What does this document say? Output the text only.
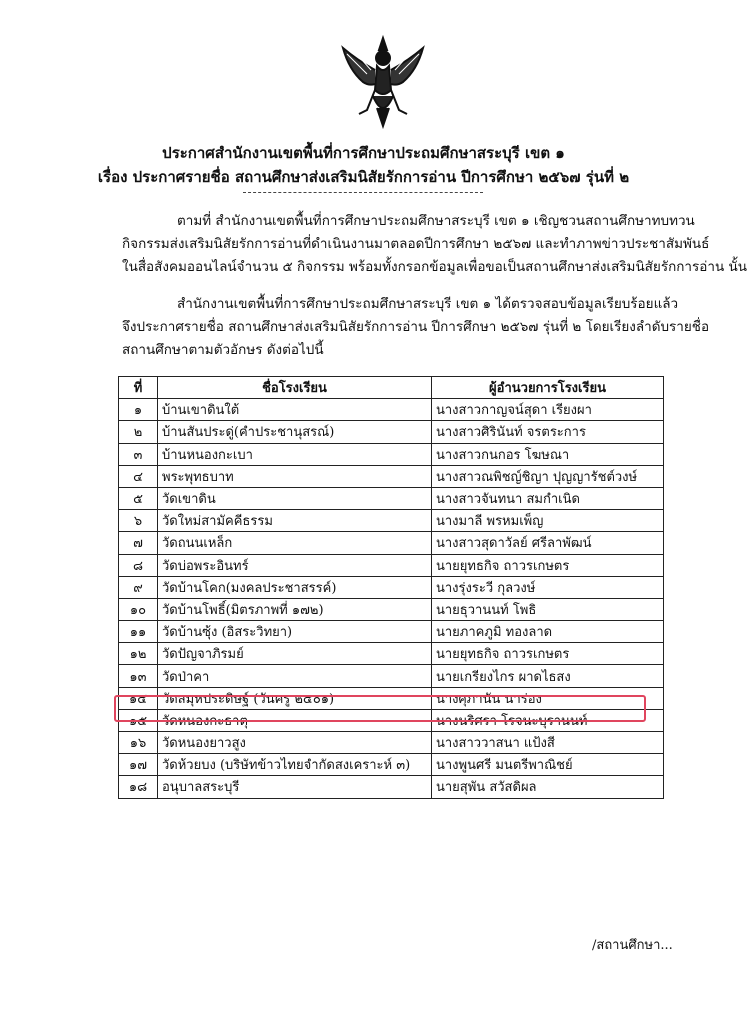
ประกาศสำนักงานเขตพื้นที่การศึกษาประถมศึกษาสระบุรี เขต ๑
เรื่อง ประกาศรายชื่อ สถานศึกษาส่งเสริมนิสัยรักการอ่าน ปีการศึกษา ๒๕๖๗ รุ่นที่ ๒
ตามที่ สำนักงานเขตพื้นที่การศึกษาประถมศึกษาสระบุรี เขต ๑ เชิญชวนสถานศึกษาทบทวน
กิจกรรมส่งเสริมนิสัยรักการอ่านที่ดำเนินงานมาตลอดปีการศึกษา ๒๕๖๗ และทำภาพข่าวประชาสัมพันธ์
ในสื่อสังคมออนไลน์จำนวน ๕ กิจกรรม พร้อมทั้งกรอกข้อมูลเพื่อขอเป็นสถานศึกษาส่งเสริมนิสัยรักการอ่าน นั้น
สำนักงานเขตพื้นที่การศึกษาประถมศึกษาสระบุรี เขต ๑ ได้ตรวจสอบข้อมูลเรียบร้อยแล้ว
จึงประกาศรายชื่อ สถานศึกษาส่งเสริมนิสัยรักการอ่าน ปีการศึกษา ๒๕๖๗ รุ่นที่ ๒ โดยเรียงลำดับรายชื่อ
สถานศึกษาตามตัวอักษร ดังต่อไปนี้
ที่	ชื่อโรงเรียน	ผู้อำนวยการโรงเรียน
๑	บ้านเขาดินใต้	นางสาวกาญจน์สุดา เรียงผา
๒	บ้านสันประดู่(คำประชานุสรณ์)	นางสาวศิรินันท์ จรตระการ
๓	บ้านหนองกะเบา	นางสาวกนกอร โฆษณา
๔	พระพุทธบาท	นางสาวณพิชญ์ชิญา ปุญญารัชต์วงษ์
๕	วัดเขาดิน	นางสาวจันทนา สมกำเนิด
๖	วัดใหม่สามัคคีธรรม	นางมาลี พรหมเพ็ญ
๗	วัดถนนเหล็ก	นางสาวสุดาวัลย์ ศรีลาพัฒน์
๘	วัดบ่อพระอินทร์	นายยุทธกิจ ถาวรเกษตร
๙	วัดบ้านโคก(มงคลประชาสรรค์)	นางรุ่งระวี กุลวงษ์
๑๐	วัดบ้านโพธิ์(มิตรภาพที่ ๑๗๒)	นายธุวานนท์ โพธิ
๑๑	วัดบ้านซุ้ง (อิสระวิทยา)	นายภาคภูมิ ทองลาด
๑๒	วัดปัญจาภิรมย์	นายยุทธกิจ ถาวรเกษตร
๑๓	วัดป่าคา	นายเกรียงไกร ผาดไธสง
๑๔	วัดสมุหประดิษฐ์ (วันครู ๒๕๐๑)	นางศุภานัน นาร่อง
๑๕	วัดหนองกะธาตุ	นางนริศรา โรจนะบุรานนท์
๑๖	วัดหนองยาวสูง	นางสาววาสนา แป้งสี
๑๗	วัดห้วยบง (บริษัทข้าวไทยจำกัดสงเคราะห์ ๓)	นางพูนศรี มนตรีพาณิชย์
๑๘	อนุบาลสระบุรี	นายสุพัน สวัสดิผล
/สถานศึกษา...
